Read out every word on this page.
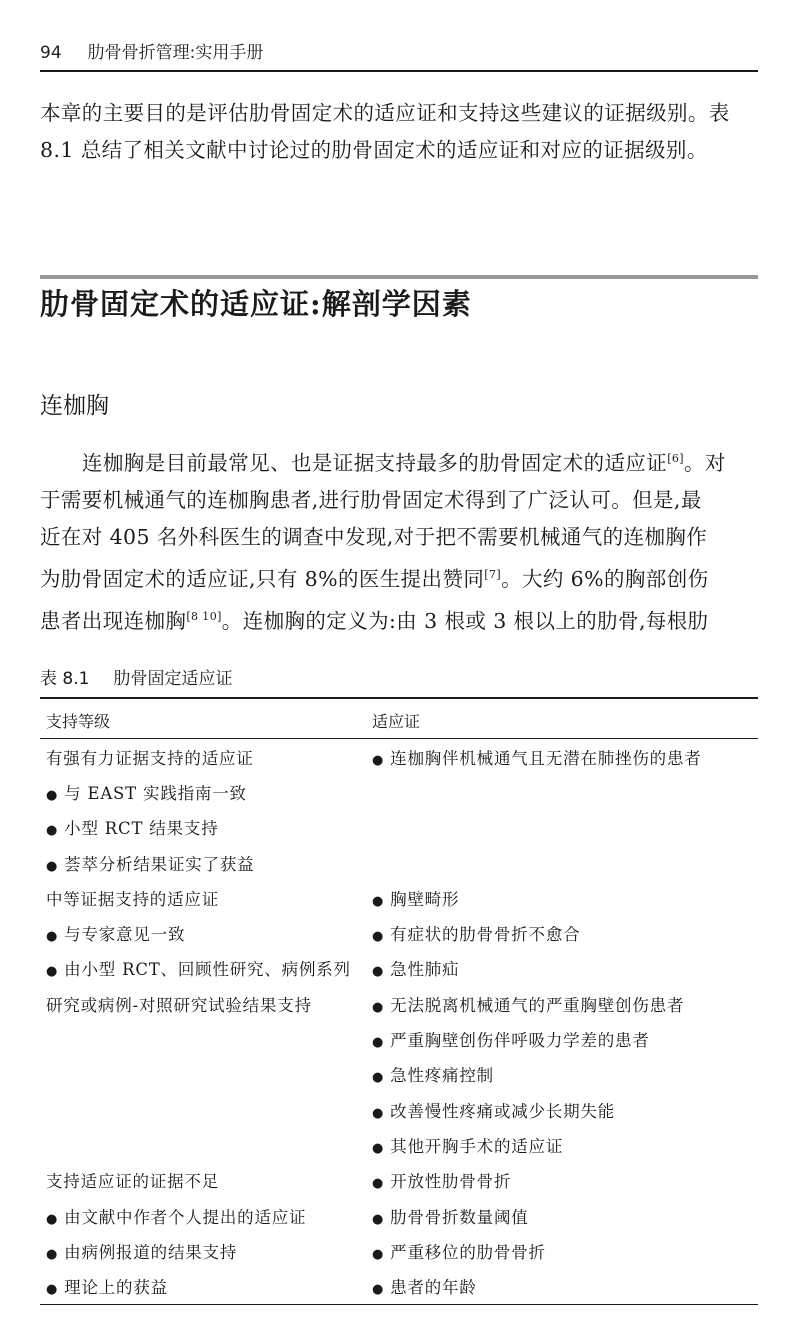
94 肋骨骨折管理:实用手册

本章的主要目的是评估肋骨固定术的适应证和支持这些建议的证据级别。表 8.1 总结了相关文献中讨论过的肋骨固定术的适应证和对应的证据级别。

肋骨固定术的适应证:解剖学因素
连枷胸
连枷胸是目前最常见、也是证据支持最多的肋骨固定术的适应证[6]。对
于需要机械通气的连枷胸患者,进行肋骨固定术得到了广泛认可。但是,最
近在对 405 名外科医生的调查中发现,对于把不需要机械通气的连枷胸作
为肋骨固定术的适应证,只有 8%的医生提出赞同[7]。大约 6%的胸部创伤
患者出现连枷胸[8 10]。连枷胸的定义为:由 3 根或 3 根以上的肋骨,每根肋
表 8.1 肋骨固定适应证
支持等级	适应证
有强有力证据支持的适应证	● 连枷胸伴机械通气且无潜在肺挫伤的患者
● 与 EAST 实践指南一致	
● 小型 RCT 结果支持	
● 荟萃分析结果证实了获益	
中等证据支持的适应证	● 胸壁畸形
● 与专家意见一致	● 有症状的肋骨骨折不愈合
● 由小型 RCT、回顾性研究、病例系列	● 急性肺疝
研究或病例-对照研究试验结果支持	● 无法脱离机械通气的严重胸壁创伤患者
	● 严重胸壁创伤伴呼吸力学差的患者
	● 急性疼痛控制
	● 改善慢性疼痛或减少长期失能
	● 其他开胸手术的适应证
支持适应证的证据不足	● 开放性肋骨骨折
● 由文献中作者个人提出的适应证	● 肋骨骨折数量阈值
● 由病例报道的结果支持	● 严重移位的肋骨骨折
● 理论上的获益	● 患者的年龄
